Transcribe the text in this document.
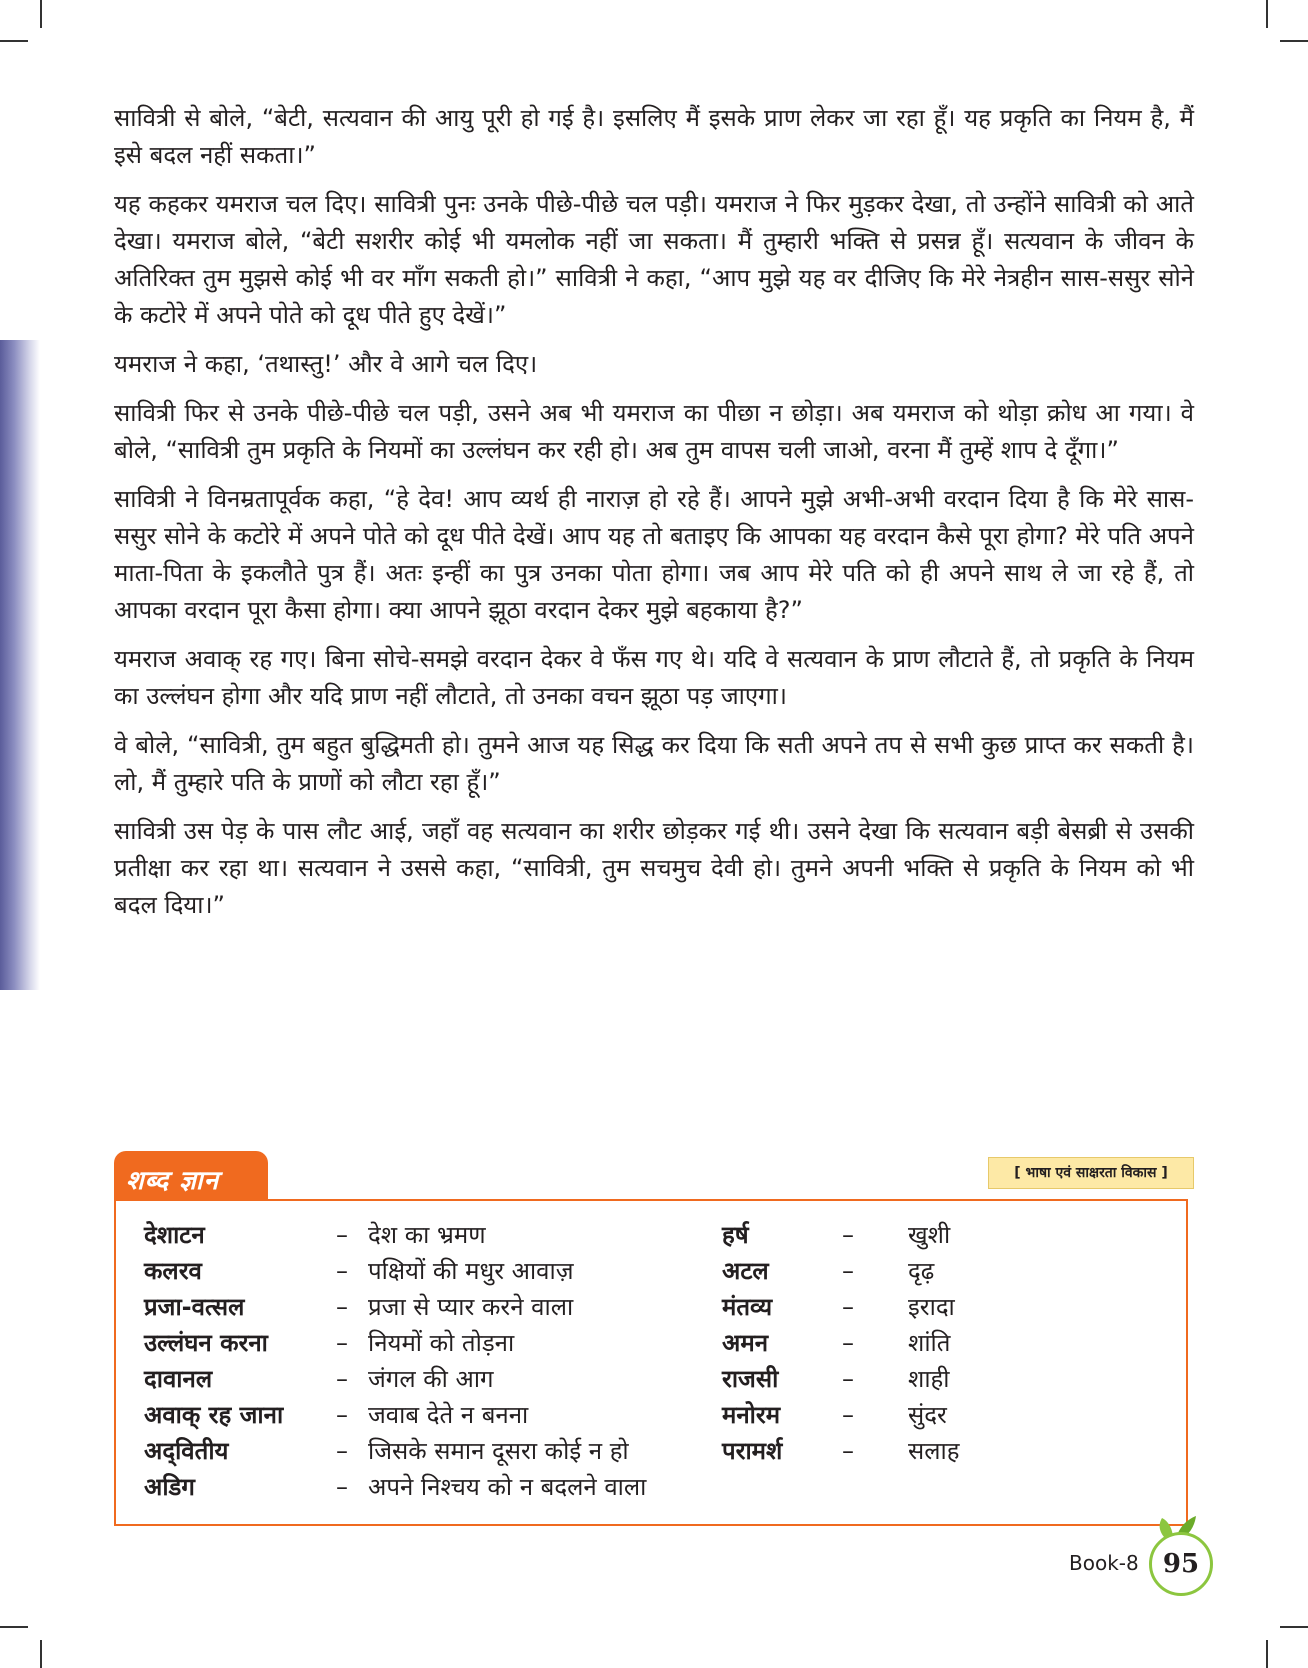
सावित्री से बोले, “बेटी, सत्यवान की आयु पूरी हो गई है। इसलिए मैं इसके प्राण लेकर जा रहा हूँ। यह प्रकृति का नियम है, मैं इसे बदल नहीं सकता।”

यह कहकर यमराज चल दिए। सावित्री पुनः उनके पीछे-पीछे चल पड़ी। यमराज ने फिर मुड़कर देखा, तो उन्होंने सावित्री को आते देखा। यमराज बोले, “बेटी सशरीर कोई भी यमलोक नहीं जा सकता। मैं तुम्हारी भक्ति से प्रसन्न हूँ। सत्यवान के जीवन के अतिरिक्त तुम मुझसे कोई भी वर माँग सकती हो।” सावित्री ने कहा, “आप मुझे यह वर दीजिए कि मेरे नेत्रहीन सास-ससुर सोने के कटोरे में अपने पोते को दूध पीते हुए देखें।”

यमराज ने कहा, ‘तथास्तु!’ और वे आगे चल दिए।

सावित्री फिर से उनके पीछे-पीछे चल पड़ी, उसने अब भी यमराज का पीछा न छोड़ा। अब यमराज को थोड़ा क्रोध आ गया। वे बोले, “सावित्री तुम प्रकृति के नियमों का उल्लंघन कर रही हो। अब तुम वापस चली जाओ, वरना मैं तुम्हें शाप दे दूँगा।”

सावित्री ने विनम्रतापूर्वक कहा, “हे देव! आप व्यर्थ ही नाराज़ हो रहे हैं। आपने मुझे अभी-अभी वरदान दिया है कि मेरे सास-ससुर सोने के कटोरे में अपने पोते को दूध पीते देखें। आप यह तो बताइए कि आपका यह वरदान कैसे पूरा होगा? मेरे पति अपने माता-पिता के इकलौते पुत्र हैं। अतः इन्हीं का पुत्र उनका पोता होगा। जब आप मेरे पति को ही अपने साथ ले जा रहे हैं, तो आपका वरदान पूरा कैसा होगा। क्या आपने झूठा वरदान देकर मुझे बहकाया है?”

यमराज अवाक् रह गए। बिना सोचे-समझे वरदान देकर वे फँस गए थे। यदि वे सत्यवान के प्राण लौटाते हैं, तो प्रकृति के नियम का उल्लंघन होगा और यदि प्राण नहीं लौटाते, तो उनका वचन झूठा पड़ जाएगा।

वे बोले, “सावित्री, तुम बहुत बुद्धिमती हो। तुमने आज यह सिद्ध कर दिया कि सती अपने तप से सभी कुछ प्राप्त कर सकती है। लो, मैं तुम्हारे पति के प्राणों को लौटा रहा हूँ।”

सावित्री उस पेड़ के पास लौट आई, जहाँ वह सत्यवान का शरीर छोड़कर गई थी। उसने देखा कि सत्यवान बड़ी बेसब्री से उसकी प्रतीक्षा कर रहा था। सत्यवान ने उससे कहा, “सावित्री, तुम सचमुच देवी हो। तुमने अपनी भक्ति से प्रकृति के नियम को भी बदल दिया।”

शब्द ज्ञान	[ भाषा एवं साक्षरता विकास ]
देशाटन	– देश का भ्रमण
कलरव	– पक्षियों की मधुर आवाज़
प्रजा-वत्सल	– प्रजा से प्यार करने वाला
उल्लंघन करना	– नियमों को तोड़ना
दावानल	– जंगल की आग
अवाक् रह जाना – जवाब देते न बनना
अद्‌वितीय	– जिसके समान दूसरा कोई न हो
अडिग	– अपने निश्चय को न बदलने वाला
हर्ष	– खुशी
अटल	– दृढ़
मंतव्य	– इरादा
अमन	– शांति
राजसी	– शाही
मनोरम	– सुंदर
परामर्श – सलाह
Book-8 95
